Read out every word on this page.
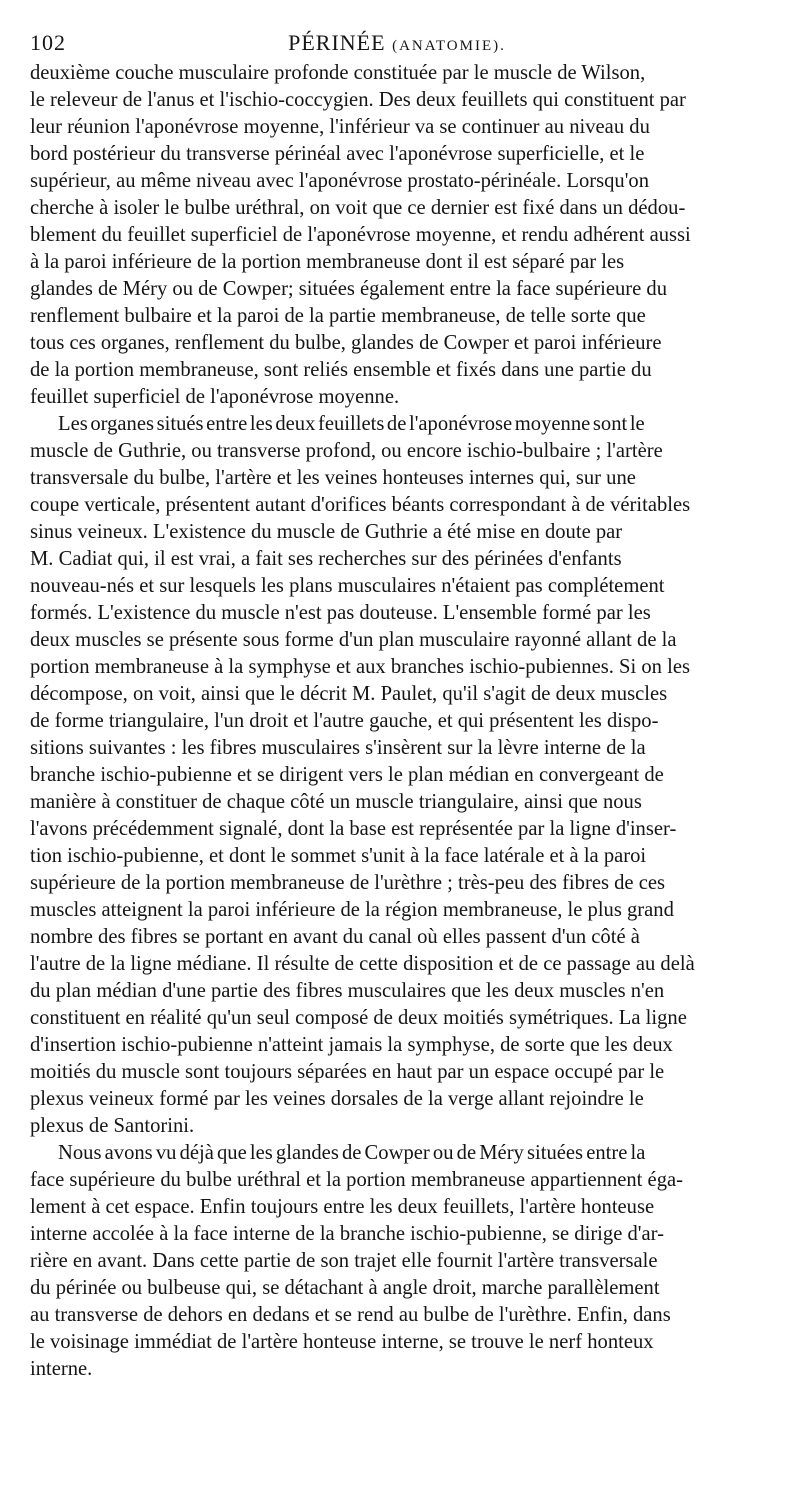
102	PÉRINÉE (ANATOMIE).
deuxième couche musculaire profonde constituée par le muscle de Wilson,
le releveur de l'anus et l'ischio-coccygien. Des deux feuillets qui constituent par
leur réunion l'aponévrose moyenne, l'inférieur va se continuer au niveau du
bord postérieur du transverse périnéal avec l'aponévrose superficielle, et le
supérieur, au même niveau avec l'aponévrose prostato-périnéale. Lorsqu'on
cherche à isoler le bulbe uréthral, on voit que ce dernier est fixé dans un dédou-
blement du feuillet superficiel de l'aponévrose moyenne, et rendu adhérent aussi
à la paroi inférieure de la portion membraneuse dont il est séparé par les
glandes de Méry ou de Cowper; situées également entre la face supérieure du
renflement bulbaire et la paroi de la partie membraneuse, de telle sorte que
tous ces organes, renflement du bulbe, glandes de Cowper et paroi inférieure
de la portion membraneuse, sont reliés ensemble et fixés dans une partie du
feuillet superficiel de l'aponévrose moyenne.
Les organes situés entre les deux feuillets de l'aponévrose moyenne sont le
muscle de Guthrie, ou transverse profond, ou encore ischio-bulbaire ; l'artère
transversale du bulbe, l'artère et les veines honteuses internes qui, sur une
coupe verticale, présentent autant d'orifices béants correspondant à de véritables
sinus veineux. L'existence du muscle de Guthrie a été mise en doute par
M. Cadiat qui, il est vrai, a fait ses recherches sur des périnées d'enfants
nouveau-nés et sur lesquels les plans musculaires n'étaient pas complétement
formés. L'existence du muscle n'est pas douteuse. L'ensemble formé par les
deux muscles se présente sous forme d'un plan musculaire rayonné allant de la
portion membraneuse à la symphyse et aux branches ischio-pubiennes. Si on les
décompose, on voit, ainsi que le décrit M. Paulet, qu'il s'agit de deux muscles
de forme triangulaire, l'un droit et l'autre gauche, et qui présentent les dispo-
sitions suivantes : les fibres musculaires s'insèrent sur la lèvre interne de la
branche ischio-pubienne et se dirigent vers le plan médian en convergeant de
manière à constituer de chaque côté un muscle triangulaire, ainsi que nous
l'avons précédemment signalé, dont la base est représentée par la ligne d'inser-
tion ischio-pubienne, et dont le sommet s'unit à la face latérale et à la paroi
supérieure de la portion membraneuse de l'urèthre ; très-peu des fibres de ces
muscles atteignent la paroi inférieure de la région membraneuse, le plus grand
nombre des fibres se portant en avant du canal où elles passent d'un côté à
l'autre de la ligne médiane. Il résulte de cette disposition et de ce passage au delà
du plan médian d'une partie des fibres musculaires que les deux muscles n'en
constituent en réalité qu'un seul composé de deux moitiés symétriques. La ligne
d'insertion ischio-pubienne n'atteint jamais la symphyse, de sorte que les deux
moitiés du muscle sont toujours séparées en haut par un espace occupé par le
plexus veineux formé par les veines dorsales de la verge allant rejoindre le
plexus de Santorini.
Nous avons vu déjà que les glandes de Cowper ou de Méry situées entre la
face supérieure du bulbe uréthral et la portion membraneuse appartiennent éga-
lement à cet espace. Enfin toujours entre les deux feuillets, l'artère honteuse
interne accolée à la face interne de la branche ischio-pubienne, se dirige d'ar-
rière en avant. Dans cette partie de son trajet elle fournit l'artère transversale
du périnée ou bulbeuse qui, se détachant à angle droit, marche parallèlement
au transverse de dehors en dedans et se rend au bulbe de l'urèthre. Enfin, dans
le voisinage immédiat de l'artère honteuse interne, se trouve le nerf honteux
interne.
